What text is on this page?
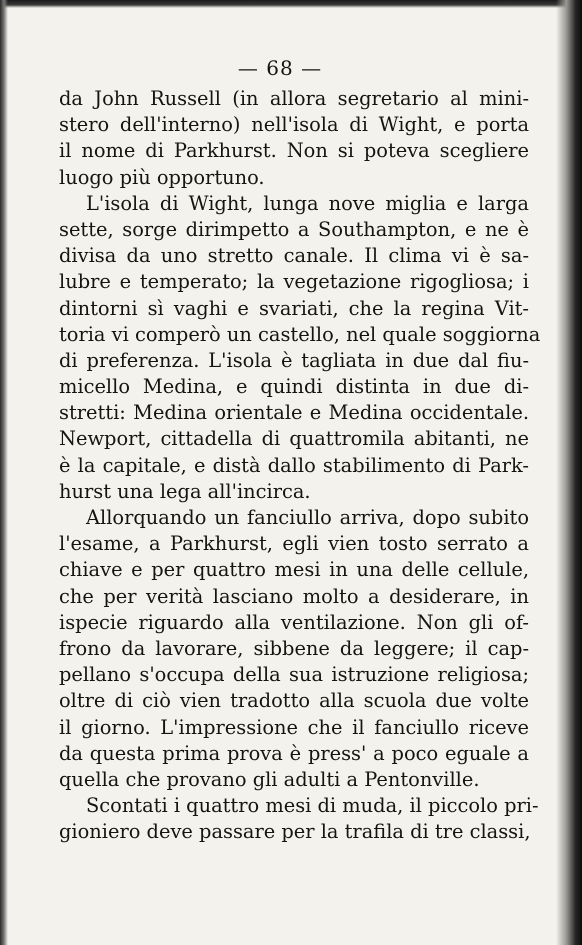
— 68 —
da John Russell (in allora segretario al mini-
stero dell'interno) nell'isola di Wight, e porta
il nome di Parkhurst. Non si poteva scegliere
luogo più opportuno.
L'isola di Wight, lunga nove miglia e larga
sette, sorge dirimpetto a Southampton, e ne è
divisa da uno stretto canale. Il clima vi è sa-
lubre e temperato; la vegetazione rigogliosa; i
dintorni sì vaghi e svariati, che la regina Vit-
toria vi comperò un castello, nel quale soggiorna
di preferenza. L'isola è tagliata in due dal fiu-
micello Medina, e quindi distinta in due di-
stretti: Medina orientale e Medina occidentale.
Newport, cittadella di quattromila abitanti, ne
è la capitale, e distà dallo stabilimento di Park-
hurst una lega all'incirca.
Allorquando un fanciullo arriva, dopo subito
l'esame, a Parkhurst, egli vien tosto serrato a
chiave e per quattro mesi in una delle cellule,
che per verità lasciano molto a desiderare, in
ispecie riguardo alla ventilazione. Non gli of-
frono da lavorare, sibbene da leggere; il cap-
pellano s'occupa della sua istruzione religiosa;
oltre di ciò vien tradotto alla scuola due volte
il giorno. L'impressione che il fanciullo riceve
da questa prima prova è press' a poco eguale a
quella che provano gli adulti a Pentonville.
Scontati i quattro mesi di muda, il piccolo pri-
gioniero deve passare per la trafila di tre classi,
